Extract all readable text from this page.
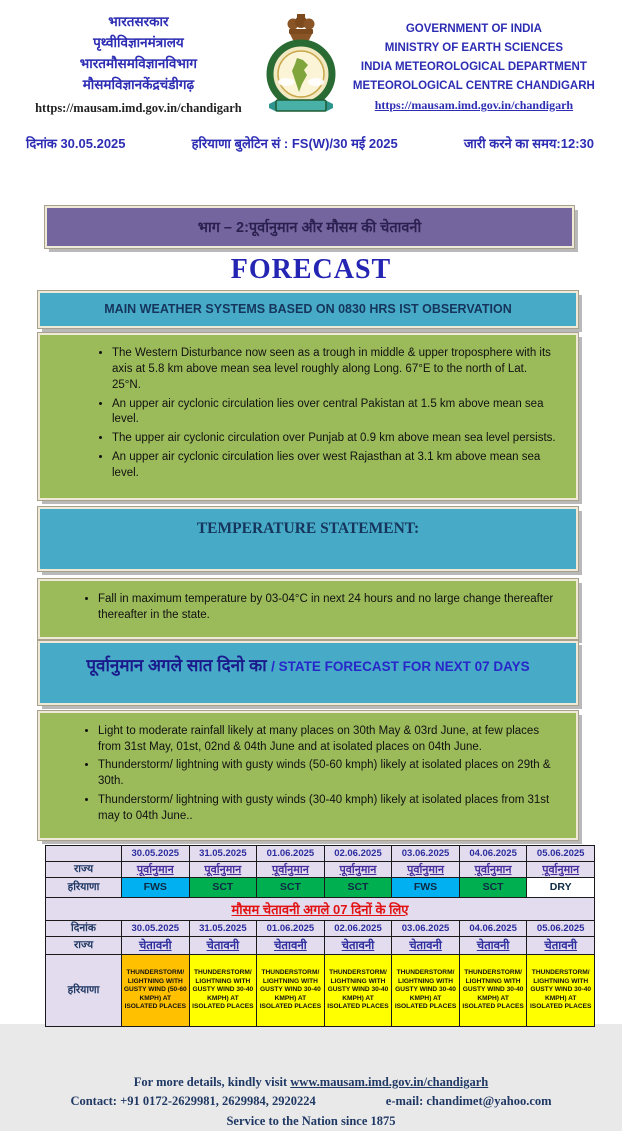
भारतसरकार
पृथ्वीविज्ञानमंत्रालय
भारतमौसमविज्ञानविभाग
मौसमविज्ञानकेंद्रचंडीगढ़
https://mausam.imd.gov.in/chandigarh
GOVERNMENT OF INDIA
MINISTRY OF EARTH SCIENCES
INDIA METEOROLOGICAL DEPARTMENT
METEOROLOGICAL CENTRE CHANDIGARH
https://mausam.imd.gov.in/chandigarh
दिनांक 30.05.2025	हरियाणा बुलेटिन सं : FS(W)/30 मई 2025	जारी करने का समय:12:30
भाग – 2:पूर्वानुमान और मौसम की चेतावनी
FORECAST
MAIN WEATHER SYSTEMS BASED ON 0830 HRS IST OBSERVATION
• The Western Disturbance now seen as a trough in middle & upper troposphere with its axis at 5.8 km above mean sea level roughly along Long. 67°E to the north of Lat. 25°N.
• An upper air cyclonic circulation lies over central Pakistan at 1.5 km above mean sea level.
• The upper air cyclonic circulation over Punjab at 0.9 km above mean sea level persists.
• An upper air cyclonic circulation lies over west Rajasthan at 3.1 km above mean sea level.
TEMPERATURE STATEMENT:
• Fall in maximum temperature by 03-04°C in next 24 hours and no large change thereafter thereafter in the state.
पूर्वानुमान अगले सात दिनो का / STATE FORECAST FOR NEXT 07 DAYS
• Light to moderate rainfall likely at many places on 30th May & 03rd June, at few places from 31st May, 01st, 02nd & 04th June and at isolated places on 04th June.
• Thunderstorm/ lightning with gusty winds (50-60 kmph) likely at isolated places on 29th & 30th.
• Thunderstorm/ lightning with gusty winds (30-40 kmph) likely at isolated places from 31st may to 04th June..
	30.05.2025	31.05.2025	01.06.2025	02.06.2025	03.06.2025	04.06.2025	05.06.2025
राज्य	पूर्वानुमान	पूर्वानुमान	पूर्वानुमान	पूर्वानुमान	पूर्वानुमान	पूर्वानुमान	पूर्वानुमान
हरियाणा	FWS	SCT	SCT	SCT	FWS	SCT	DRY
मौसम चेतावनी अगले 07 दिनों के लिए							
दिनांक	30.05.2025	31.05.2025	01.06.2025	02.06.2025	03.06.2025	04.06.2025	05.06.2025
राज्य	चेतावनी	चेतावनी	चेतावनी	चेतावनी	चेतावनी	चेतावनी	चेतावनी
हरियाणा	THUNDERSTORM/ LIGHTNING WITH GUSTY WIND (50-60 KMPH) AT ISOLATED PLACES	THUNDERSTORM/ LIGHTNING WITH GUSTY WIND 30-40 KMPH) AT ISOLATED PLACES	THUNDERSTORM/ LIGHTNING WITH GUSTY WIND 30-40 KMPH) AT ISOLATED PLACES	THUNDERSTORM/ LIGHTNING WITH GUSTY WIND 30-40 KMPH) AT ISOLATED PLACES	THUNDERSTORM/ LIGHTNING WITH GUSTY WIND 30-40 KMPH) AT ISOLATED PLACES	THUNDERSTORM/ LIGHTNING WITH GUSTY WIND 30-40 KMPH) AT ISOLATED PLACES	THUNDERSTORM/ LIGHTNING WITH GUSTY WIND 30-40 KMPH) AT ISOLATED PLACES
For more details, kindly visit www.mausam.imd.gov.in/chandigarh
Contact: +91 0172-2629981, 2629984, 2920224	e-mail: chandimet@yahoo.com
Service to the Nation since 1875
